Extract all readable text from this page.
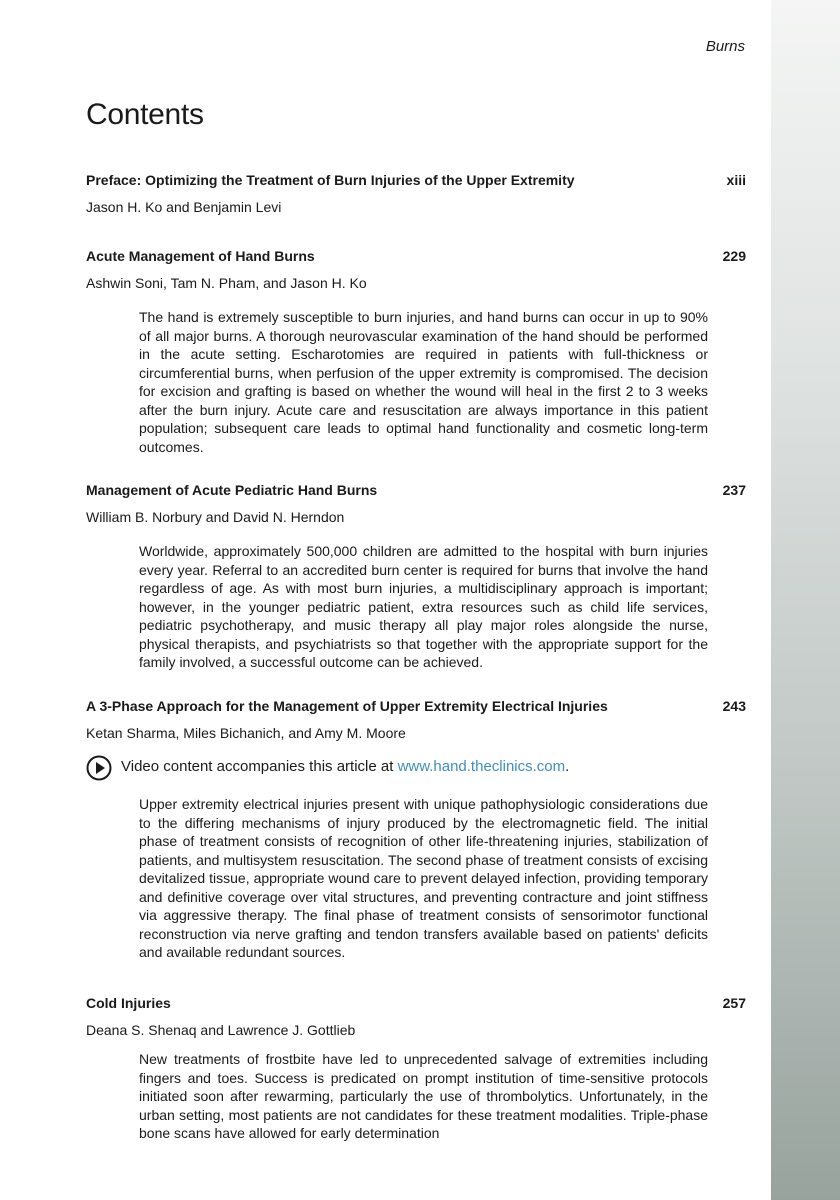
Burns
Contents
Preface: Optimizing the Treatment of Burn Injuries of the Upper Extremity	xiii
Jason H. Ko and Benjamin Levi
Acute Management of Hand Burns	229
Ashwin Soni, Tam N. Pham, and Jason H. Ko
The hand is extremely susceptible to burn injuries, and hand burns can occur in up to 90% of all major burns. A thorough neurovascular examination of the hand should be performed in the acute setting. Escharotomies are required in patients with full-thickness or circumferential burns, when perfusion of the upper extremity is compromised. The decision for excision and grafting is based on whether the wound will heal in the first 2 to 3 weeks after the burn injury. Acute care and resuscitation are always importance in this patient population; subsequent care leads to optimal hand functionality and cosmetic long-term outcomes.
Management of Acute Pediatric Hand Burns	237
William B. Norbury and David N. Herndon
Worldwide, approximately 500,000 children are admitted to the hospital with burn injuries every year. Referral to an accredited burn center is required for burns that involve the hand regardless of age. As with most burn injuries, a multidisciplinary approach is important; however, in the younger pediatric patient, extra resources such as child life services, pediatric psychotherapy, and music therapy all play major roles alongside the nurse, physical therapists, and psychiatrists so that together with the appropriate support for the family involved, a successful outcome can be achieved.
A 3-Phase Approach for the Management of Upper Extremity Electrical Injuries	243
Ketan Sharma, Miles Bichanich, and Amy M. Moore
Video content accompanies this article at www.hand.theclinics.com.
Upper extremity electrical injuries present with unique pathophysiologic considerations due to the differing mechanisms of injury produced by the electromagnetic field. The initial phase of treatment consists of recognition of other life-threatening injuries, stabilization of patients, and multisystem resuscitation. The second phase of treatment consists of excising devitalized tissue, appropriate wound care to prevent delayed infection, providing temporary and definitive coverage over vital structures, and preventing contracture and joint stiffness via aggressive therapy. The final phase of treatment consists of sensorimotor functional reconstruction via nerve grafting and tendon transfers available based on patients' deficits and available redundant sources.
Cold Injuries	257
Deana S. Shenaq and Lawrence J. Gottlieb
New treatments of frostbite have led to unprecedented salvage of extremities including fingers and toes. Success is predicated on prompt institution of time-sensitive protocols initiated soon after rewarming, particularly the use of thrombolytics. Unfortunately, in the urban setting, most patients are not candidates for these treatment modalities. Triple-phase bone scans have allowed for early determination
